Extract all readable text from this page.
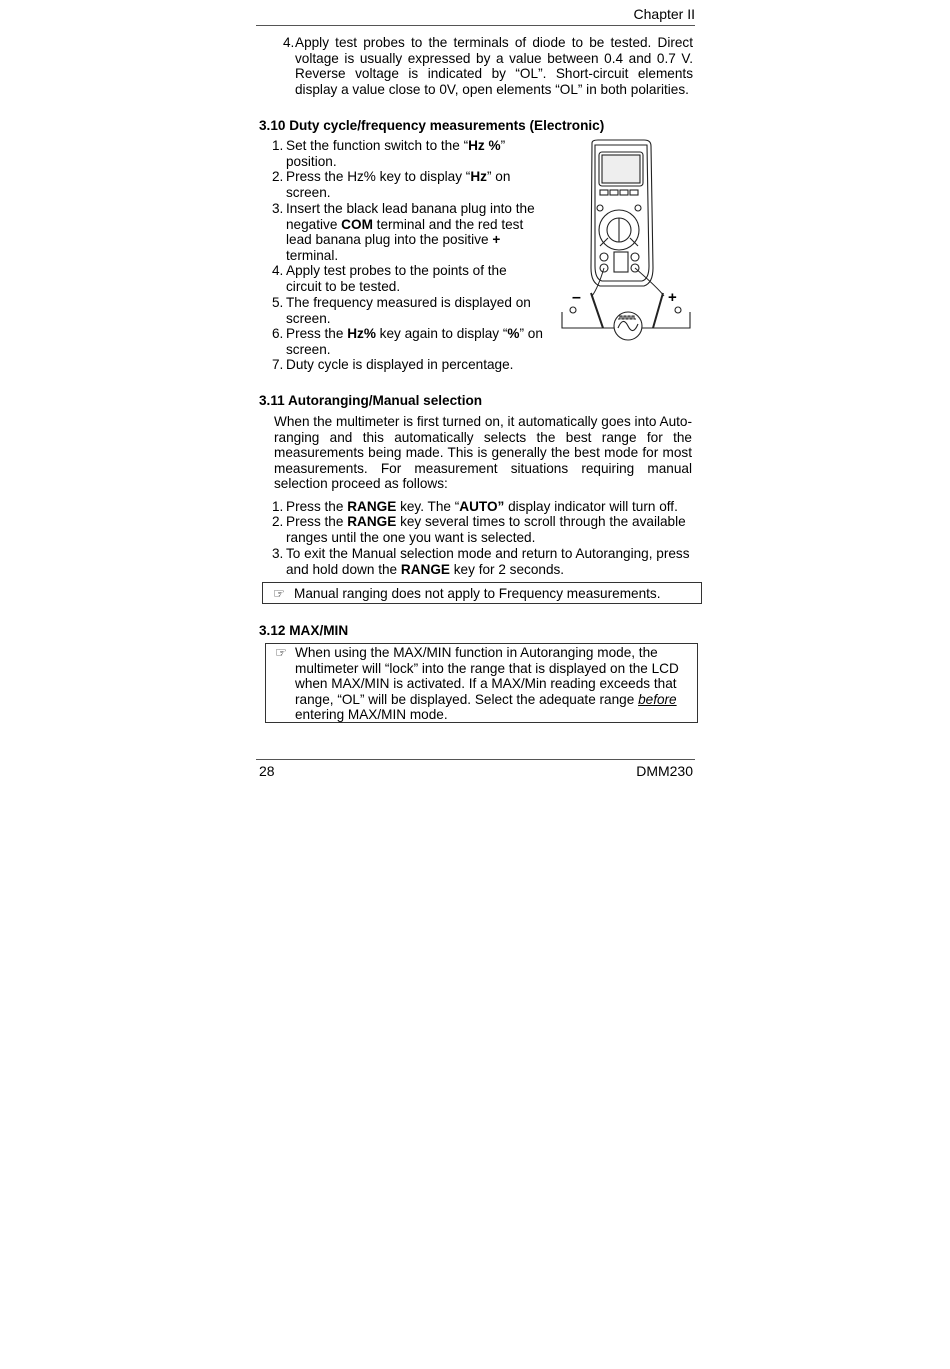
Chapter II
4. Apply test probes to the terminals of diode to be tested. Direct voltage is usually expressed by a value between 0.4 and 0.7 V. Reverse voltage is indicated by “OL”. Short-circuit elements display a value close to 0V, open elements “OL” in both polarities.
3.10 Duty cycle/frequency measurements (Electronic)
1. Set the function switch to the “Hz %” position.
2. Press the Hz% key to display “Hz” on screen.
3. Insert the black lead banana plug into the negative COM terminal and the red test lead banana plug into the positive + terminal.
4. Apply test probes to the points of the circuit to be tested.
5. The frequency measured is displayed on screen.
6. Press the Hz% key again to display “%” on screen.
7. Duty cycle is displayed in percentage.
–	+
3.11 Autoranging/Manual selection
When the multimeter is first turned on, it automatically goes into Auto-ranging and this automatically selects the best range for the measurements being made. This is generally the best mode for most measurements. For measurement situations requiring manual selection proceed as follows:
1. Press the RANGE key. The “AUTO” display indicator will turn off.
2. Press the RANGE key several times to scroll through the available ranges until the one you want is selected.
3. To exit the Manual selection mode and return to Autoranging, press and hold down the RANGE key for 2 seconds.
☞ Manual ranging does not apply to Frequency measurements.
3.12 MAX/MIN
☞ When using the MAX/MIN function in Autoranging mode, the multimeter will “lock” into the range that is displayed on the LCD when MAX/MIN is activated. If a MAX/Min reading exceeds that range, “OL” will be displayed. Select the adequate range before entering MAX/MIN mode.
28	DMM230
